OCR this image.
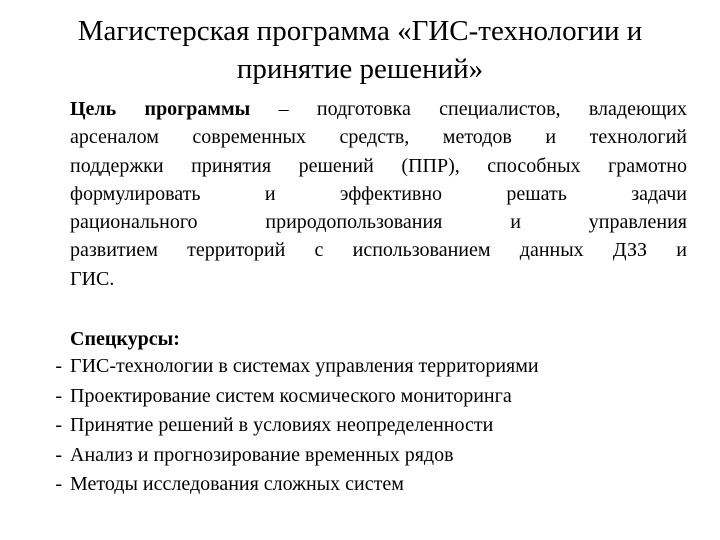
Магистерская программа «ГИС-технологии и
принятие решений»
Цель программы – подготовка специалистов, владеющих
арсеналом современных средств, методов и технологий
поддержки принятия решений (ППР), способных грамотно
формулировать и эффективно решать задачи
рационального природопользования и управления
развитием территорий с использованием данных ДЗЗ и
ГИС.

Спецкурсы:

- ГИС-технологии в системах управления территориями
- Проектирование систем космического мониторинга
- Принятие решений в условиях неопределенности
- Анализ и прогнозирование временных рядов
- Методы исследования сложных систем
